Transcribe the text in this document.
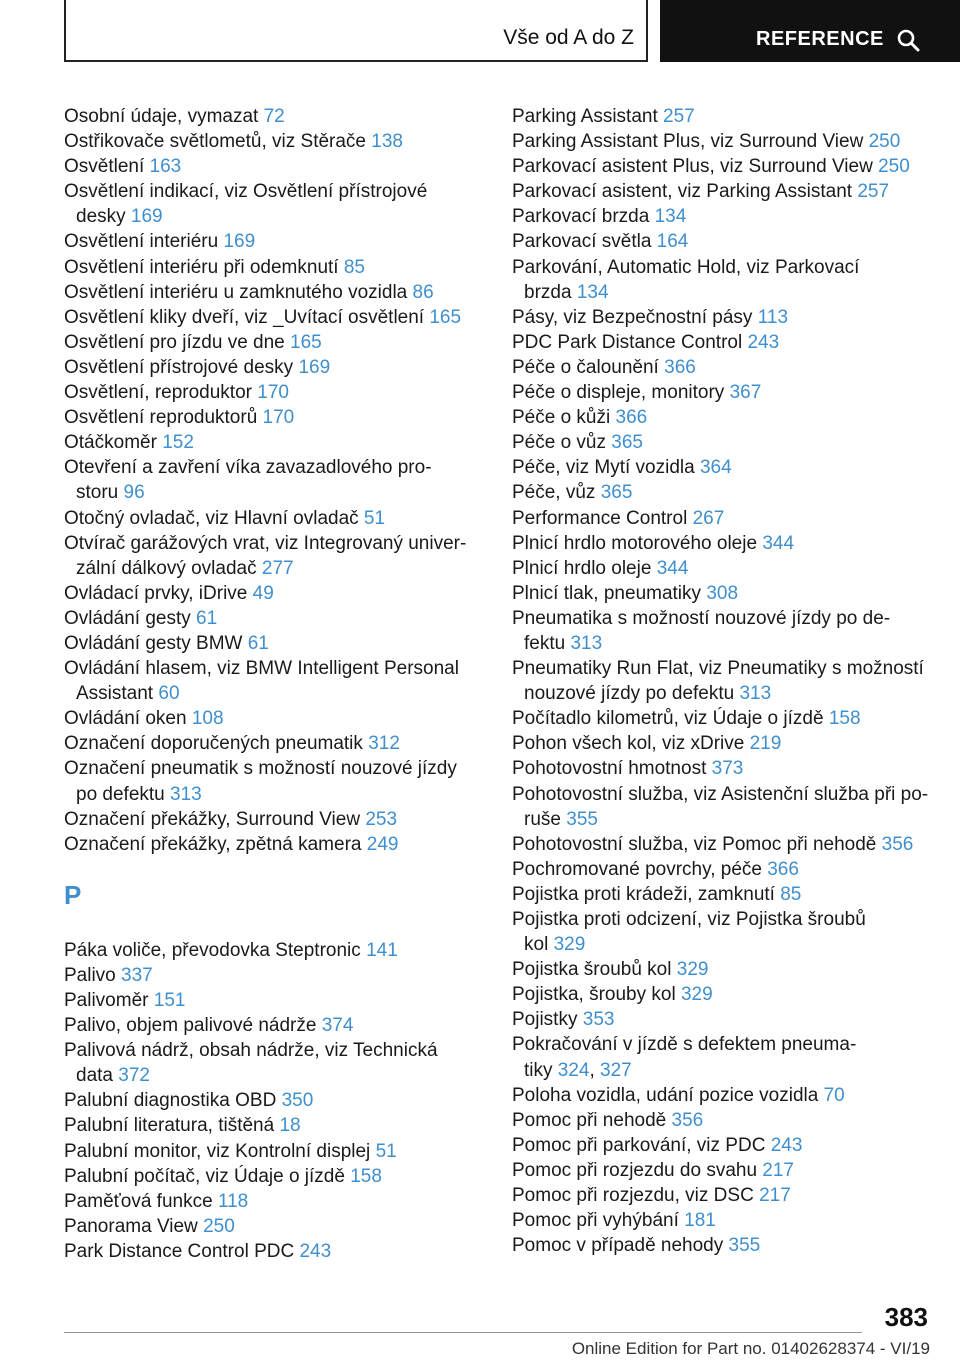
Vše od A do Z	REFERENCE
Osobní údaje, vymazat 72
Ostřikovače světlometů, viz Stěrače 138
Osvětlení 163
Osvětlení indikací, viz Osvětlení přístrojové
desky 169
Osvětlení interiéru 169
Osvětlení interiéru při odemknutí 85
Osvětlení interiéru u zamknutého vozidla 86
Osvětlení kliky dveří, viz _Uvítací osvětlení 165
Osvětlení pro jízdu ve dne 165
Osvětlení přístrojové desky 169
Osvětlení, reproduktor 170
Osvětlení reproduktorů 170
Otáčkoměr 152
Otevření a zavření víka zavazadlového pro‐
storu 96
Otočný ovladač, viz Hlavní ovladač 51
Otvírač garážových vrat, viz Integrovaný univer‐
zální dálkový ovladač 277
Ovládací prvky, iDrive 49
Ovládání gesty 61
Ovládání gesty BMW 61
Ovládání hlasem, viz BMW Intelligent Personal
Assistant 60
Ovládání oken 108
Označení doporučených pneumatik 312
Označení pneumatik s možností nouzové jízdy
po defektu 313
Označení překážky, Surround View 253
Označení překážky, zpětná kamera 249
P
Páka voliče, převodovka Steptronic 141
Palivo 337
Palivoměr 151
Palivo, objem palivové nádrže 374
Palivová nádrž, obsah nádrže, viz Technická
data 372
Palubní diagnostika OBD 350
Palubní literatura, tištěná 18
Palubní monitor, viz Kontrolní displej 51
Palubní počítač, viz Údaje o jízdě 158
Paměťová funkce 118
Panorama View 250
Park Distance Control PDC 243
Parking Assistant 257
Parking Assistant Plus, viz Surround View 250
Parkovací asistent Plus, viz Surround View 250
Parkovací asistent, viz Parking Assistant 257
Parkovací brzda 134
Parkovací světla 164
Parkování, Automatic Hold, viz Parkovací
brzda 134
Pásy, viz Bezpečnostní pásy 113
PDC Park Distance Control 243
Péče o čalounění 366
Péče o displeje, monitory 367
Péče o kůži 366
Péče o vůz 365
Péče, viz Mytí vozidla 364
Péče, vůz 365
Performance Control 267
Plnicí hrdlo motorového oleje 344
Plnicí hrdlo oleje 344
Plnicí tlak, pneumatiky 308
Pneumatika s možností nouzové jízdy po de‐
fektu 313
Pneumatiky Run Flat, viz Pneumatiky s možností
nouzové jízdy po defektu 313
Počítadlo kilometrů, viz Údaje o jízdě 158
Pohon všech kol, viz xDrive 219
Pohotovostní hmotnost 373
Pohotovostní služba, viz Asistenční služba při po‐
ruše 355
Pohotovostní služba, viz Pomoc při nehodě 356
Pochromované povrchy, péče 366
Pojistka proti krádeži, zamknutí 85
Pojistka proti odcizení, viz Pojistka šroubů
kol 329
Pojistka šroubů kol 329
Pojistka, šrouby kol 329
Pojistky 353
Pokračování v jízdě s defektem pneuma‐
tiky 324, 327
Poloha vozidla, udání pozice vozidla 70
Pomoc při nehodě 356
Pomoc při parkování, viz PDC 243
Pomoc při rozjezdu do svahu 217
Pomoc při rozjezdu, viz DSC 217
Pomoc při vyhýbání 181
Pomoc v případě nehody 355
383
Online Edition for Part no. 01402628374 - VI/19
